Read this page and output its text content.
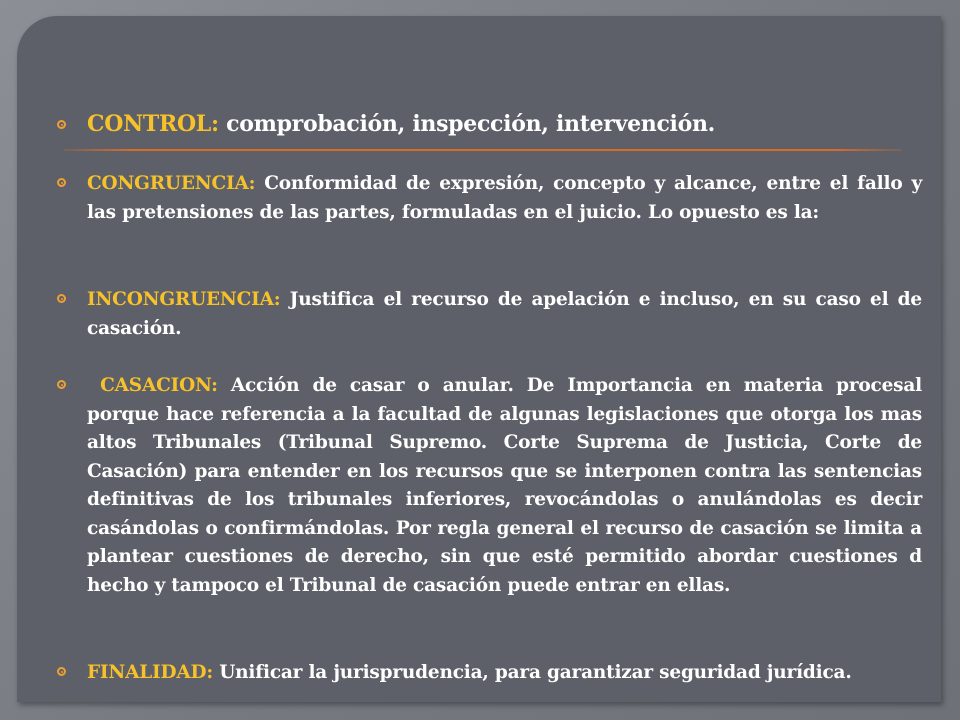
CONTROL: comprobación, inspección, intervención.
CONGRUENCIA: Conformidad de expresión, concepto y alcance, entre el fallo y las pretensiones de las partes, formuladas en el juicio. Lo opuesto es la:
INCONGRUENCIA: Justifica el recurso de apelación e incluso, en su caso el de casación.
CASACION: Acción de casar o anular. De Importancia en materia procesal porque hace referencia a la facultad de algunas legislaciones que otorga los mas altos Tribunales (Tribunal Supremo. Corte Suprema de Justicia, Corte de Casación) para entender en los recursos que se interponen contra las sentencias definitivas de los tribunales inferiores, revocándolas o anulándolas es decir casándolas o confirmándolas. Por regla general el recurso de casación se limita a plantear cuestiones de derecho, sin que esté permitido abordar cuestiones d hecho y tampoco el Tribunal de casación puede entrar en ellas.
FINALIDAD: Unificar la jurisprudencia, para garantizar seguridad jurídica.
